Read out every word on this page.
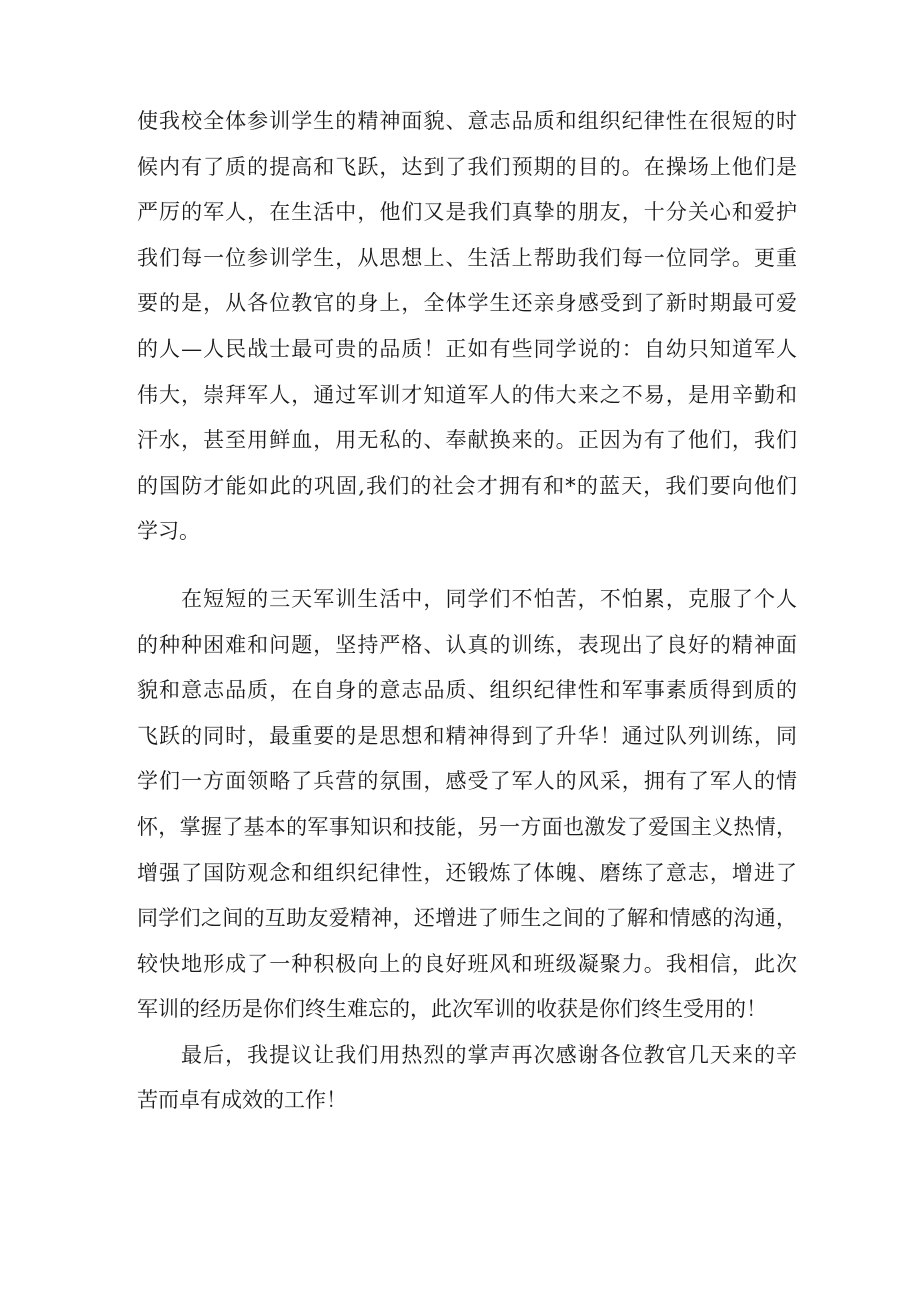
使我校全体参训学生的精神面貌、意志品质和组织纪律性在很短的时
候内有了质的提高和飞跃，达到了我们预期的目的。在操场上他们是
严厉的军人，在生活中，他们又是我们真挚的朋友，十分关心和爱护
我们每一位参训学生，从思想上、生活上帮助我们每一位同学。更重
要的是，从各位教官的身上，全体学生还亲身感受到了新时期最可爱
的人—人民战士最可贵的品质！正如有些同学说的：自幼只知道军人
伟大，崇拜军人，通过军训才知道军人的伟大来之不易，是用辛勤和
汗水，甚至用鲜血，用无私的、奉献换来的。正因为有了他们，我们
的国防才能如此的巩固,我们的社会才拥有和*的蓝天，我们要向他们
学习。
在短短的三天军训生活中，同学们不怕苦，不怕累，克服了个人
的种种困难和问题，坚持严格、认真的训练，表现出了良好的精神面
貌和意志品质，在自身的意志品质、组织纪律性和军事素质得到质的
飞跃的同时，最重要的是思想和精神得到了升华！通过队列训练，同
学们一方面领略了兵营的氛围，感受了军人的风采，拥有了军人的情
怀，掌握了基本的军事知识和技能，另一方面也激发了爱国主义热情，
增强了国防观念和组织纪律性，还锻炼了体魄、磨练了意志，增进了
同学们之间的互助友爱精神，还增进了师生之间的了解和情感的沟通，
较快地形成了一种积极向上的良好班风和班级凝聚力。我相信，此次
军训的经历是你们终生难忘的，此次军训的收获是你们终生受用的！
最后，我提议让我们用热烈的掌声再次感谢各位教官几天来的辛
苦而卓有成效的工作！
